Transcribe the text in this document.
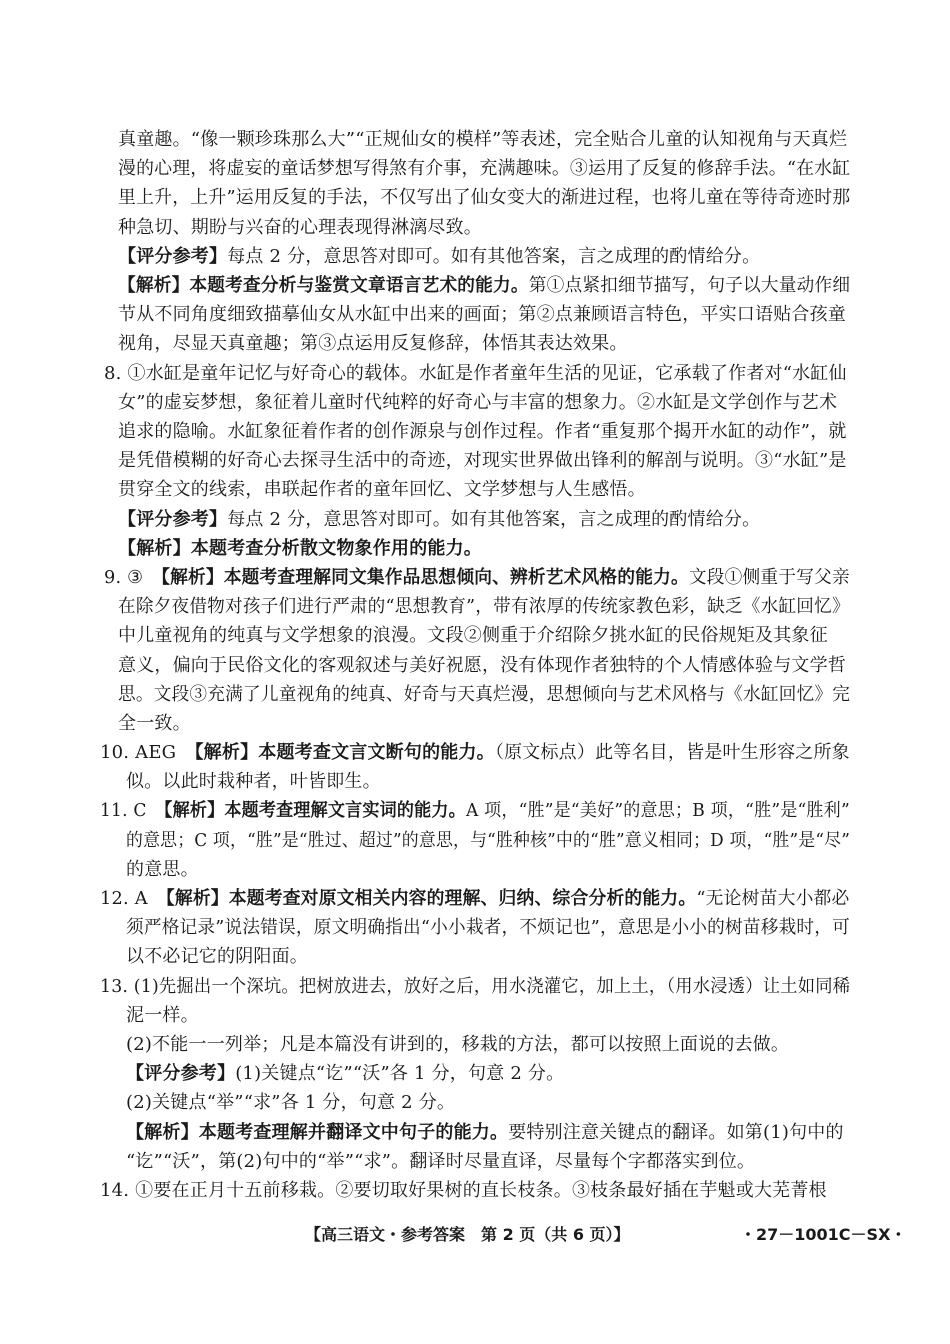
真童趣。“像一颗珍珠那么大”“正规仙女的模样”等表述，完全贴合儿童的认知视角与天真烂
漫的心理，将虚妄的童话梦想写得煞有介事，充满趣味。③运用了反复的修辞手法。“在水缸
里上升，上升”运用反复的手法，不仅写出了仙女变大的渐进过程，也将儿童在等待奇迹时那
种急切、期盼与兴奋的心理表现得淋漓尽致。
【评分参考】每点 2 分，意思答对即可。如有其他答案，言之成理的酌情给分。
【解析】本题考查分析与鉴赏文章语言艺术的能力。第①点紧扣细节描写，句子以大量动作细
节从不同角度细致描摹仙女从水缸中出来的画面；第②点兼顾语言特色，平实口语贴合孩童
视角，尽显天真童趣；第③点运用反复修辞，体悟其表达效果。
8. ①水缸是童年记忆与好奇心的载体。水缸是作者童年生活的见证，它承载了作者对“水缸仙
女”的虚妄梦想，象征着儿童时代纯粹的好奇心与丰富的想象力。②水缸是文学创作与艺术
追求的隐喻。水缸象征着作者的创作源泉与创作过程。作者“重复那个揭开水缸的动作”，就
是凭借模糊的好奇心去探寻生活中的奇迹，对现实世界做出锋利的解剖与说明。③“水缸”是
贯穿全文的线索，串联起作者的童年回忆、文学梦想与人生感悟。
【评分参考】每点 2 分，意思答对即可。如有其他答案，言之成理的酌情给分。
【解析】本题考查分析散文物象作用的能力。
9. ③　【解析】本题考查理解同文集作品思想倾向、辨析艺术风格的能力。文段①侧重于写父亲
在除夕夜借物对孩子们进行严肃的“思想教育”，带有浓厚的传统家教色彩，缺乏《水缸回忆》
中儿童视角的纯真与文学想象的浪漫。文段②侧重于介绍除夕挑水缸的民俗规矩及其象征
意义，偏向于民俗文化的客观叙述与美好祝愿，没有体现作者独特的个人情感体验与文学哲
思。文段③充满了儿童视角的纯真、好奇与天真烂漫，思想倾向与艺术风格与《水缸回忆》完
全一致。
10. AEG　【解析】本题考查文言文断句的能力。（原文标点）此等名目，皆是叶生形容之所象
似。以此时栽种者，叶皆即生。
11. C　【解析】本题考查理解文言实词的能力。A 项，“胜”是“美好”的意思；B 项，“胜”是“胜利”
的意思；C 项，“胜”是“胜过、超过”的意思，与“胜种核”中的“胜”意义相同；D 项，“胜”是“尽”
的意思。
12. A　【解析】本题考查对原文相关内容的理解、归纳、综合分析的能力。“无论树苗大小都必
须严格记录”说法错误，原文明确指出“小小栽者，不烦记也”，意思是小小的树苗移栽时，可
以不必记它的阴阳面。
13. (1)先掘出一个深坑。把树放进去，放好之后，用水浇灌它，加上土，（用水浸透）让土如同稀
泥一样。
(2)不能一一列举；凡是本篇没有讲到的，移栽的方法，都可以按照上面说的去做。
【评分参考】(1)关键点“讫”“沃”各 1 分，句意 2 分。
(2)关键点“举”“求”各 1 分，句意 2 分。
【解析】本题考查理解并翻译文中句子的能力。要特别注意关键点的翻译。如第(1)句中的
“讫”“沃”，第(2)句中的“举”“求”。翻译时尽量直译，尽量每个字都落实到位。
14. ①要在正月十五前移栽。②要切取好果树的直长枝条。③枝条最好插在芋魁或大芜菁根
【高三语文・参考答案　第 2 页（共 6 页）】	・27－1001C－SX・
